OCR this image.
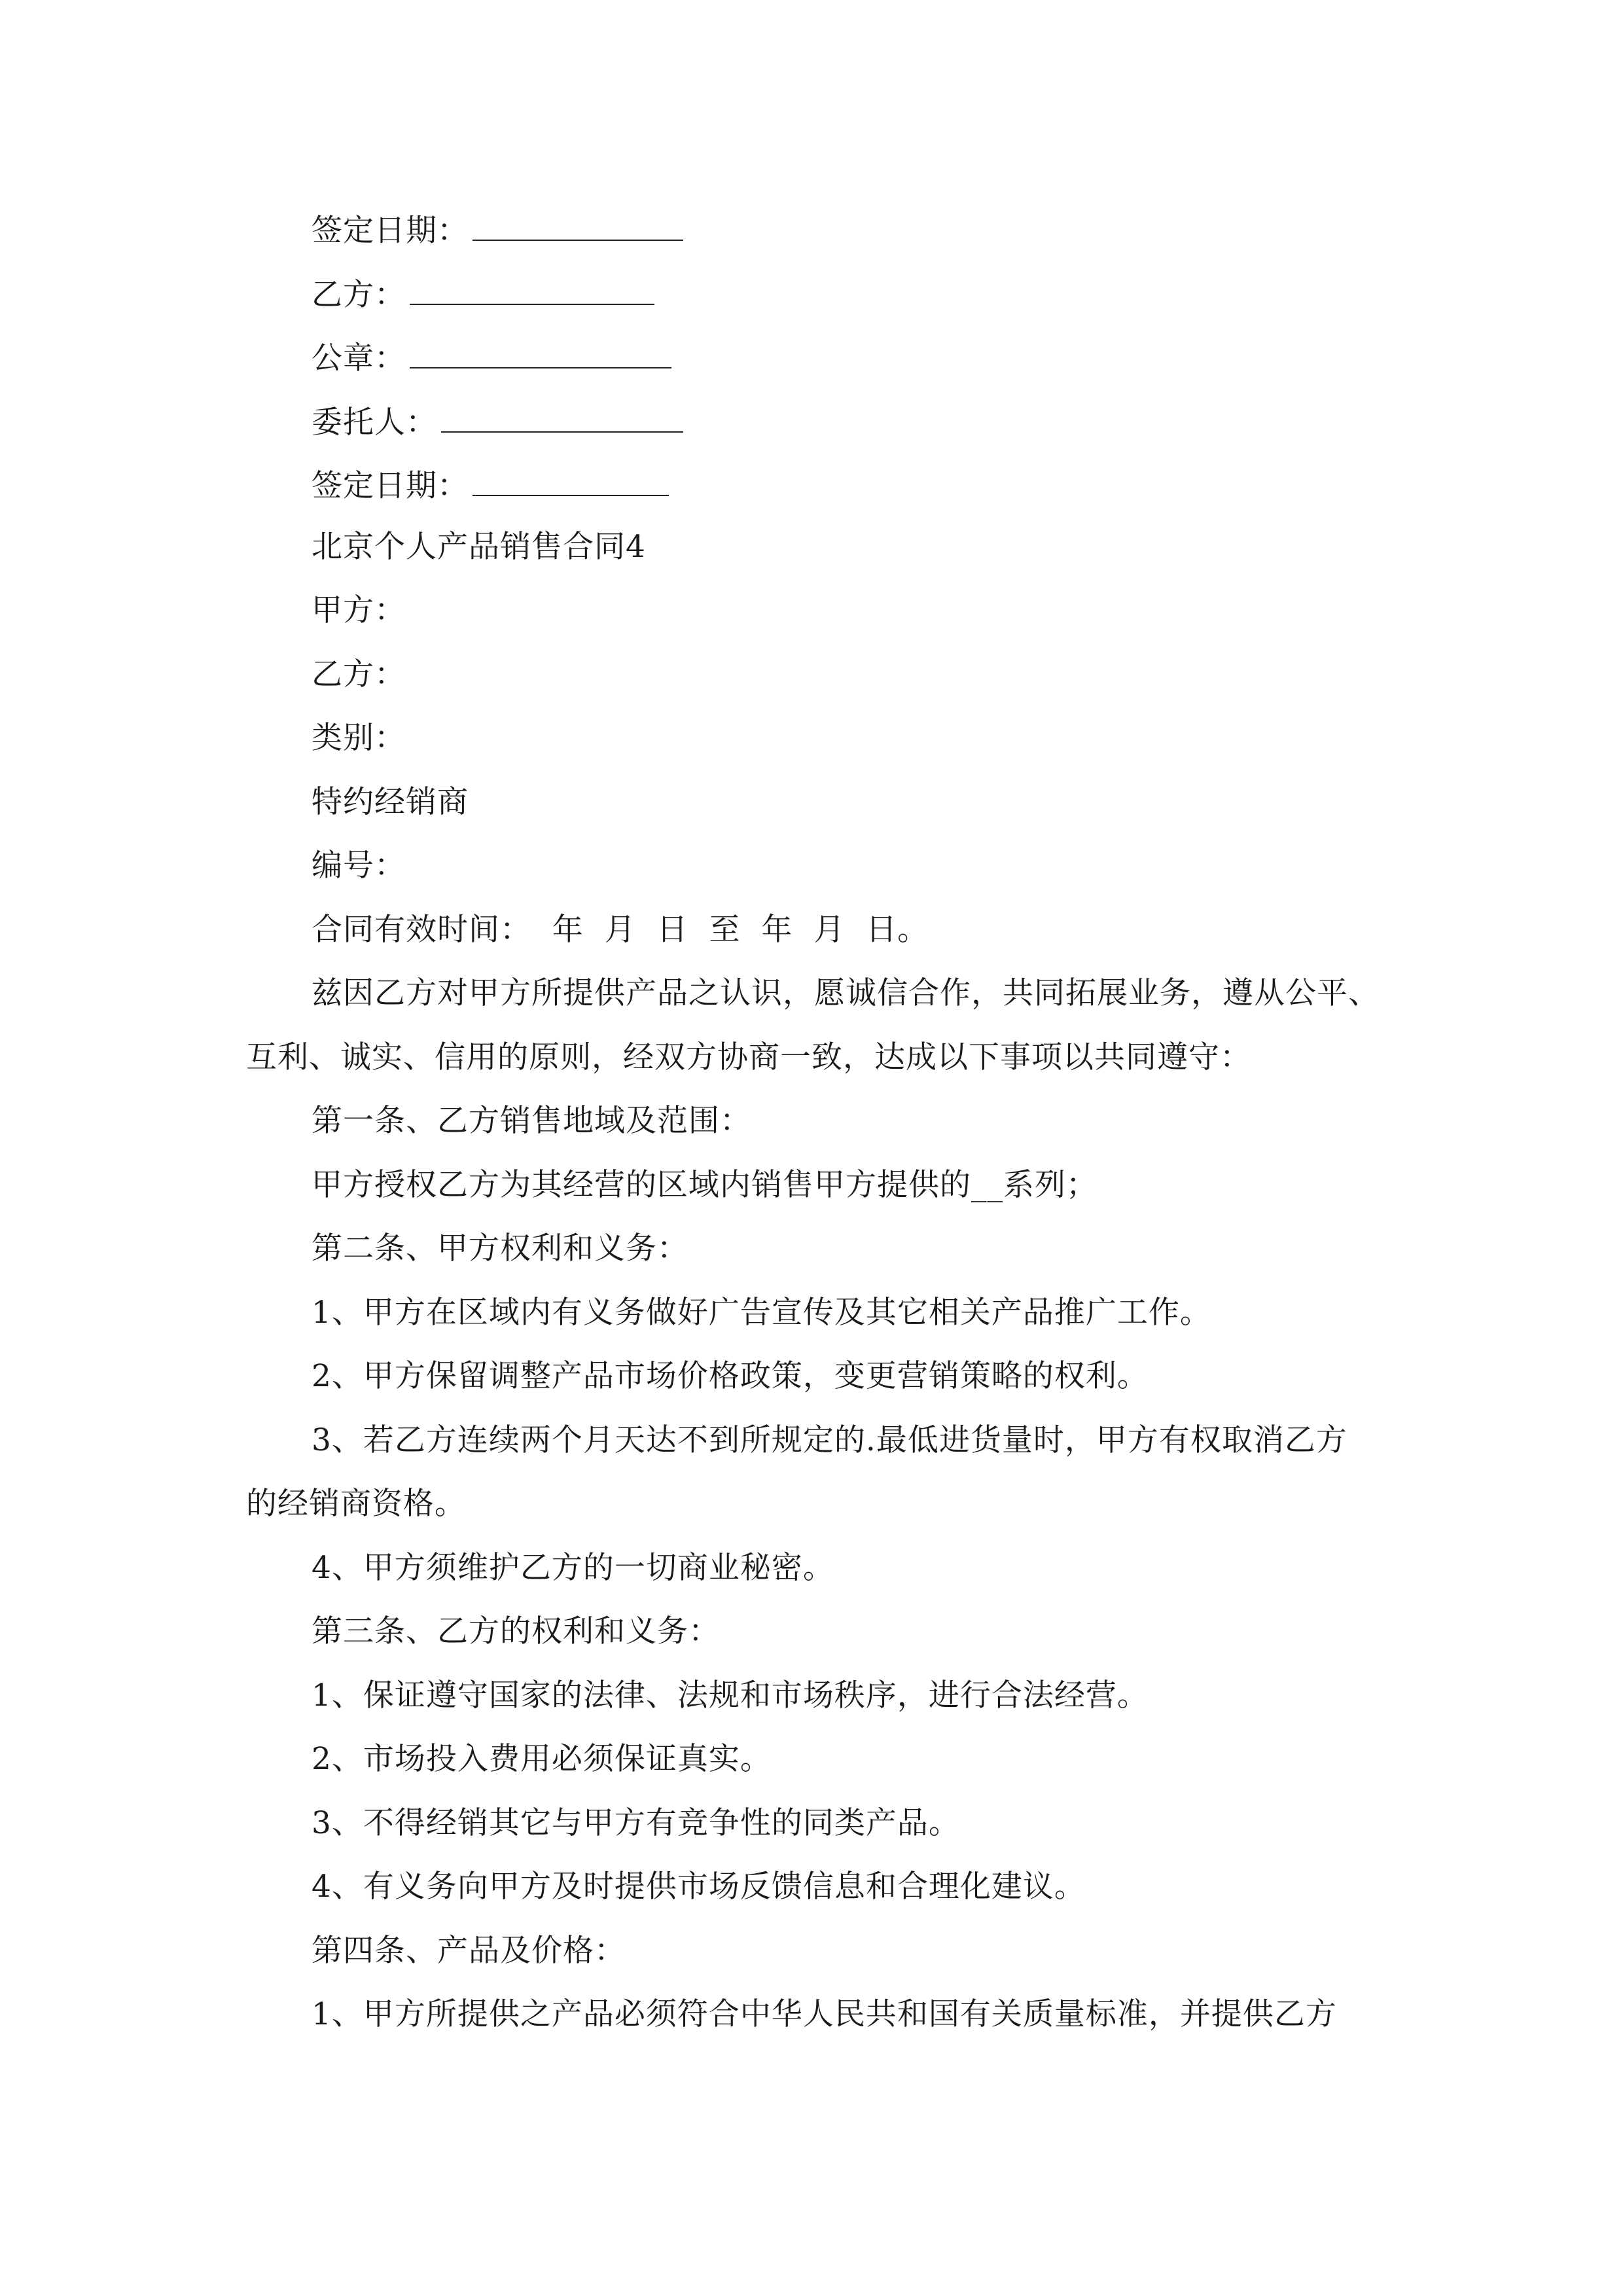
签定日期：
乙方：
公章：
委托人：
签定日期：
北京个人产品销售合同4
甲方：
乙方：
类别：
特约经销商
编号：
合同有效时间：  年  月  日  至  年  月  日。
兹因乙方对甲方所提供产品之认识，愿诚信合作，共同拓展业务，遵从公平、
互利、诚实、信用的原则，经双方协商一致，达成以下事项以共同遵守：
第一条、乙方销售地域及范围：
甲方授权乙方为其经营的区域内销售甲方提供的__系列；
第二条、甲方权利和义务：
1、甲方在区域内有义务做好广告宣传及其它相关产品推广工作。
2、甲方保留调整产品市场价格政策，变更营销策略的权利。
3、若乙方连续两个月天达不到所规定的.最低进货量时，甲方有权取消乙方
的经销商资格。
4、甲方须维护乙方的一切商业秘密。
第三条、乙方的权利和义务：
1、保证遵守国家的法律、法规和市场秩序，进行合法经营。
2、市场投入费用必须保证真实。
3、不得经销其它与甲方有竞争性的同类产品。
4、有义务向甲方及时提供市场反馈信息和合理化建议。
第四条、产品及价格：
1、甲方所提供之产品必须符合中华人民共和国有关质量标准，并提供乙方
